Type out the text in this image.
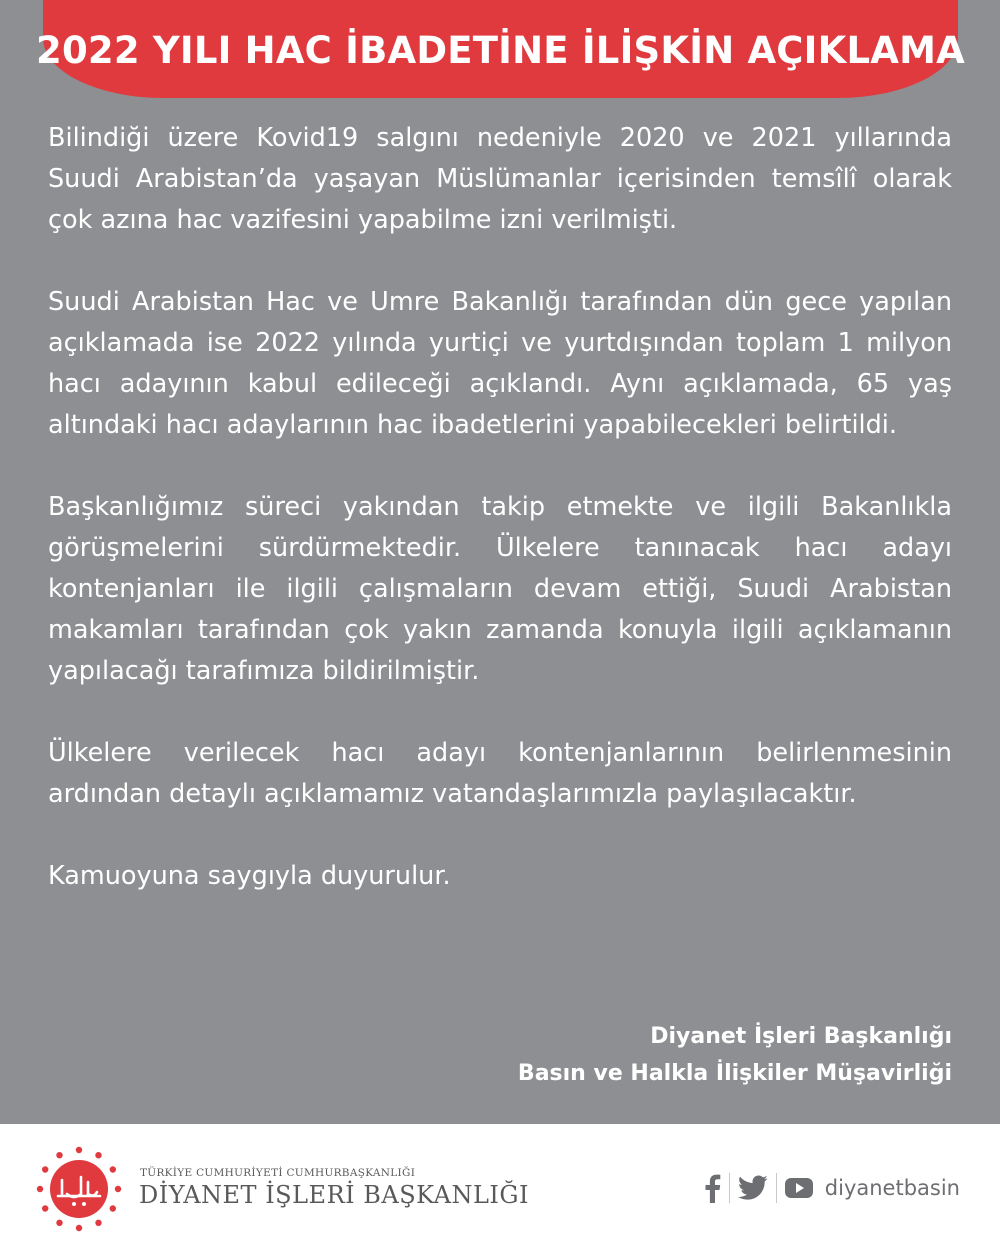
2022 YILI HAC İBADETİNE İLİŞKİN AÇIKLAMA

Bilindiği üzere Kovid19 salgını nedeniyle 2020 ve 2021 yıllarında Suudi Arabistan’da yaşayan Müslümanlar içerisinden temsîlî olarak çok azına hac vazifesini yapabilme izni verilmişti.

Suudi Arabistan Hac ve Umre Bakanlığı tarafından dün gece yapılan açıklamada ise 2022 yılında yurtiçi ve yurtdışından toplam 1 milyon hacı adayının kabul edileceği açıklandı. Aynı açıklamada, 65 yaş altındaki hacı adaylarının hac ibadetlerini yapabilecekleri belirtildi.

Başkanlığımız süreci yakından takip etmekte ve ilgili Bakanlıkla görüşmelerini sürdürmektedir. Ülkelere tanınacak hacı adayı kontenjanları ile ilgili çalışmaların devam ettiği, Suudi Arabistan makamları tarafından çok yakın zamanda konuyla ilgili açıklamanın yapılacağı tarafımıza bildirilmiştir.

Ülkelere verilecek hacı adayı kontenjanlarının belirlenmesinin ardından detaylı açıklamamız vatandaşlarımızla paylaşılacaktır.

Kamuoyuna saygıyla duyurulur.

Diyanet İşleri Başkanlığı
Basın ve Halkla İlişkiler Müşavirliği
TÜRKİYE CUMHURİYETİ CUMHURBAŞKANLIĞI
DİYANET İŞLERİ BAŞKANLIĞI	diyanetbasin
